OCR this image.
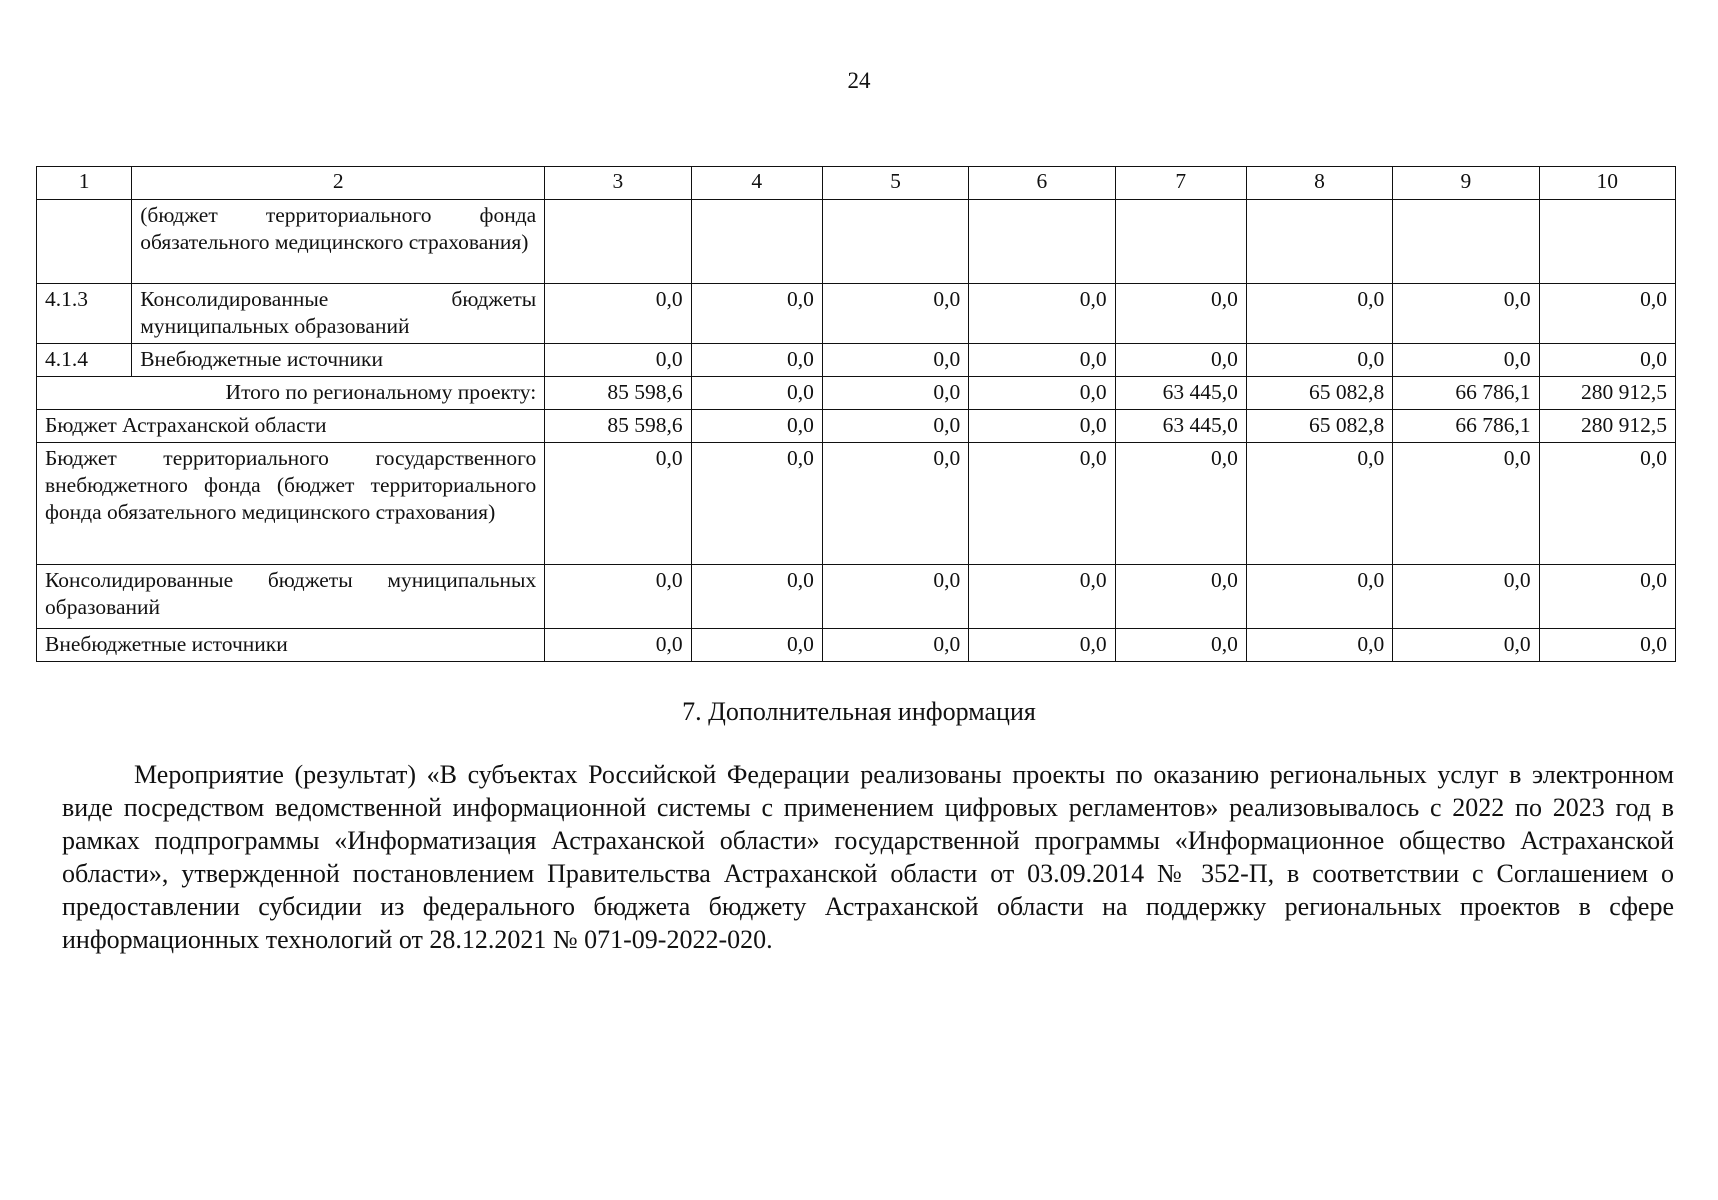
24
1	2	3	4	5	6	7	8	9	10
	(бюджет территориального фонда обязательного медицинского страхования)								
4.1.3	Консолидированные бюджеты муниципальных образований	0,0	0,0	0,0	0,0	0,0	0,0	0,0	0,0
4.1.4	Внебюджетные источники	0,0	0,0	0,0	0,0	0,0	0,0	0,0	0,0
Итого по региональному проекту:		85 598,6	0,0	0,0	0,0	63 445,0	65 082,8	66 786,1	280 912,5
Бюджет Астраханской области		85 598,6	0,0	0,0	0,0	63 445,0	65 082,8	66 786,1	280 912,5
Бюджет территориального государственного внебюджетного фонда (бюджет территориального фонда обязательного медицинского страхования)		0,0	0,0	0,0	0,0	0,0	0,0	0,0	0,0
Консолидированные бюджеты муниципальных образований		0,0	0,0	0,0	0,0	0,0	0,0	0,0	0,0
Внебюджетные источники		0,0	0,0	0,0	0,0	0,0	0,0	0,0	0,0
7. Дополнительная информация

Мероприятие (результат) «В субъектах Российской Федерации реализованы проекты по оказанию региональных услуг в электронном виде посредством ведомственной информационной системы с применением цифровых регламентов» реализовывалось с 2022 по 2023 год в рамках подпрограммы «Информатизация Астраханской области» государственной программы «Информационное общество Астраханской области», утвержденной постановлением Правительства Астраханской области от 03.09.2014 № 352-П, в соответствии с Соглашением о предоставлении субсидии из федерального бюджета бюджету Астраханской области на поддержку региональных проектов в сфере информационных технологий от 28.12.2021 № 071-09-2022-020.
